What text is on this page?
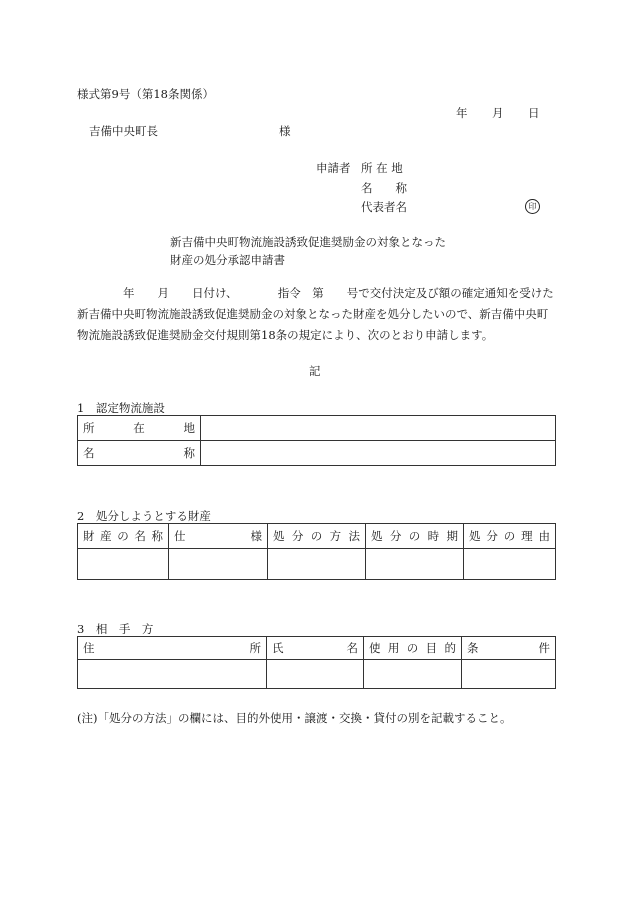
様式第9号（第18条関係）
年 月 日
吉備中央町長	様
申請者 所 在 地
名　　称
代表者名	印
新吉備中央町物流施設誘致促進奨励金の対象となった
財産の処分承認申請書
　　　　年　　月　　日付け、　　　　指令　第　　号で交付決定及び額の確定通知を受けた新吉備中央町物流施設誘致促進奨励金の対象となった財産を処分したいので、新吉備中央町物流施設誘致促進奨励金交付規則第18条の規定により、次のとおり申請します。
記
1　認定物流施設
所 在 地	

名 称	

2　処分しようとする財産
財 産 の 名 称	仕 様	処 分 の 方 法	処 分 の 時 期	処 分 の 理 由

3　相　手　方
住 所	氏 名	使 用 の 目 的	条 件

(注)「処分の方法」の欄には、目的外使用・譲渡・交換・貸付の別を記載すること。
